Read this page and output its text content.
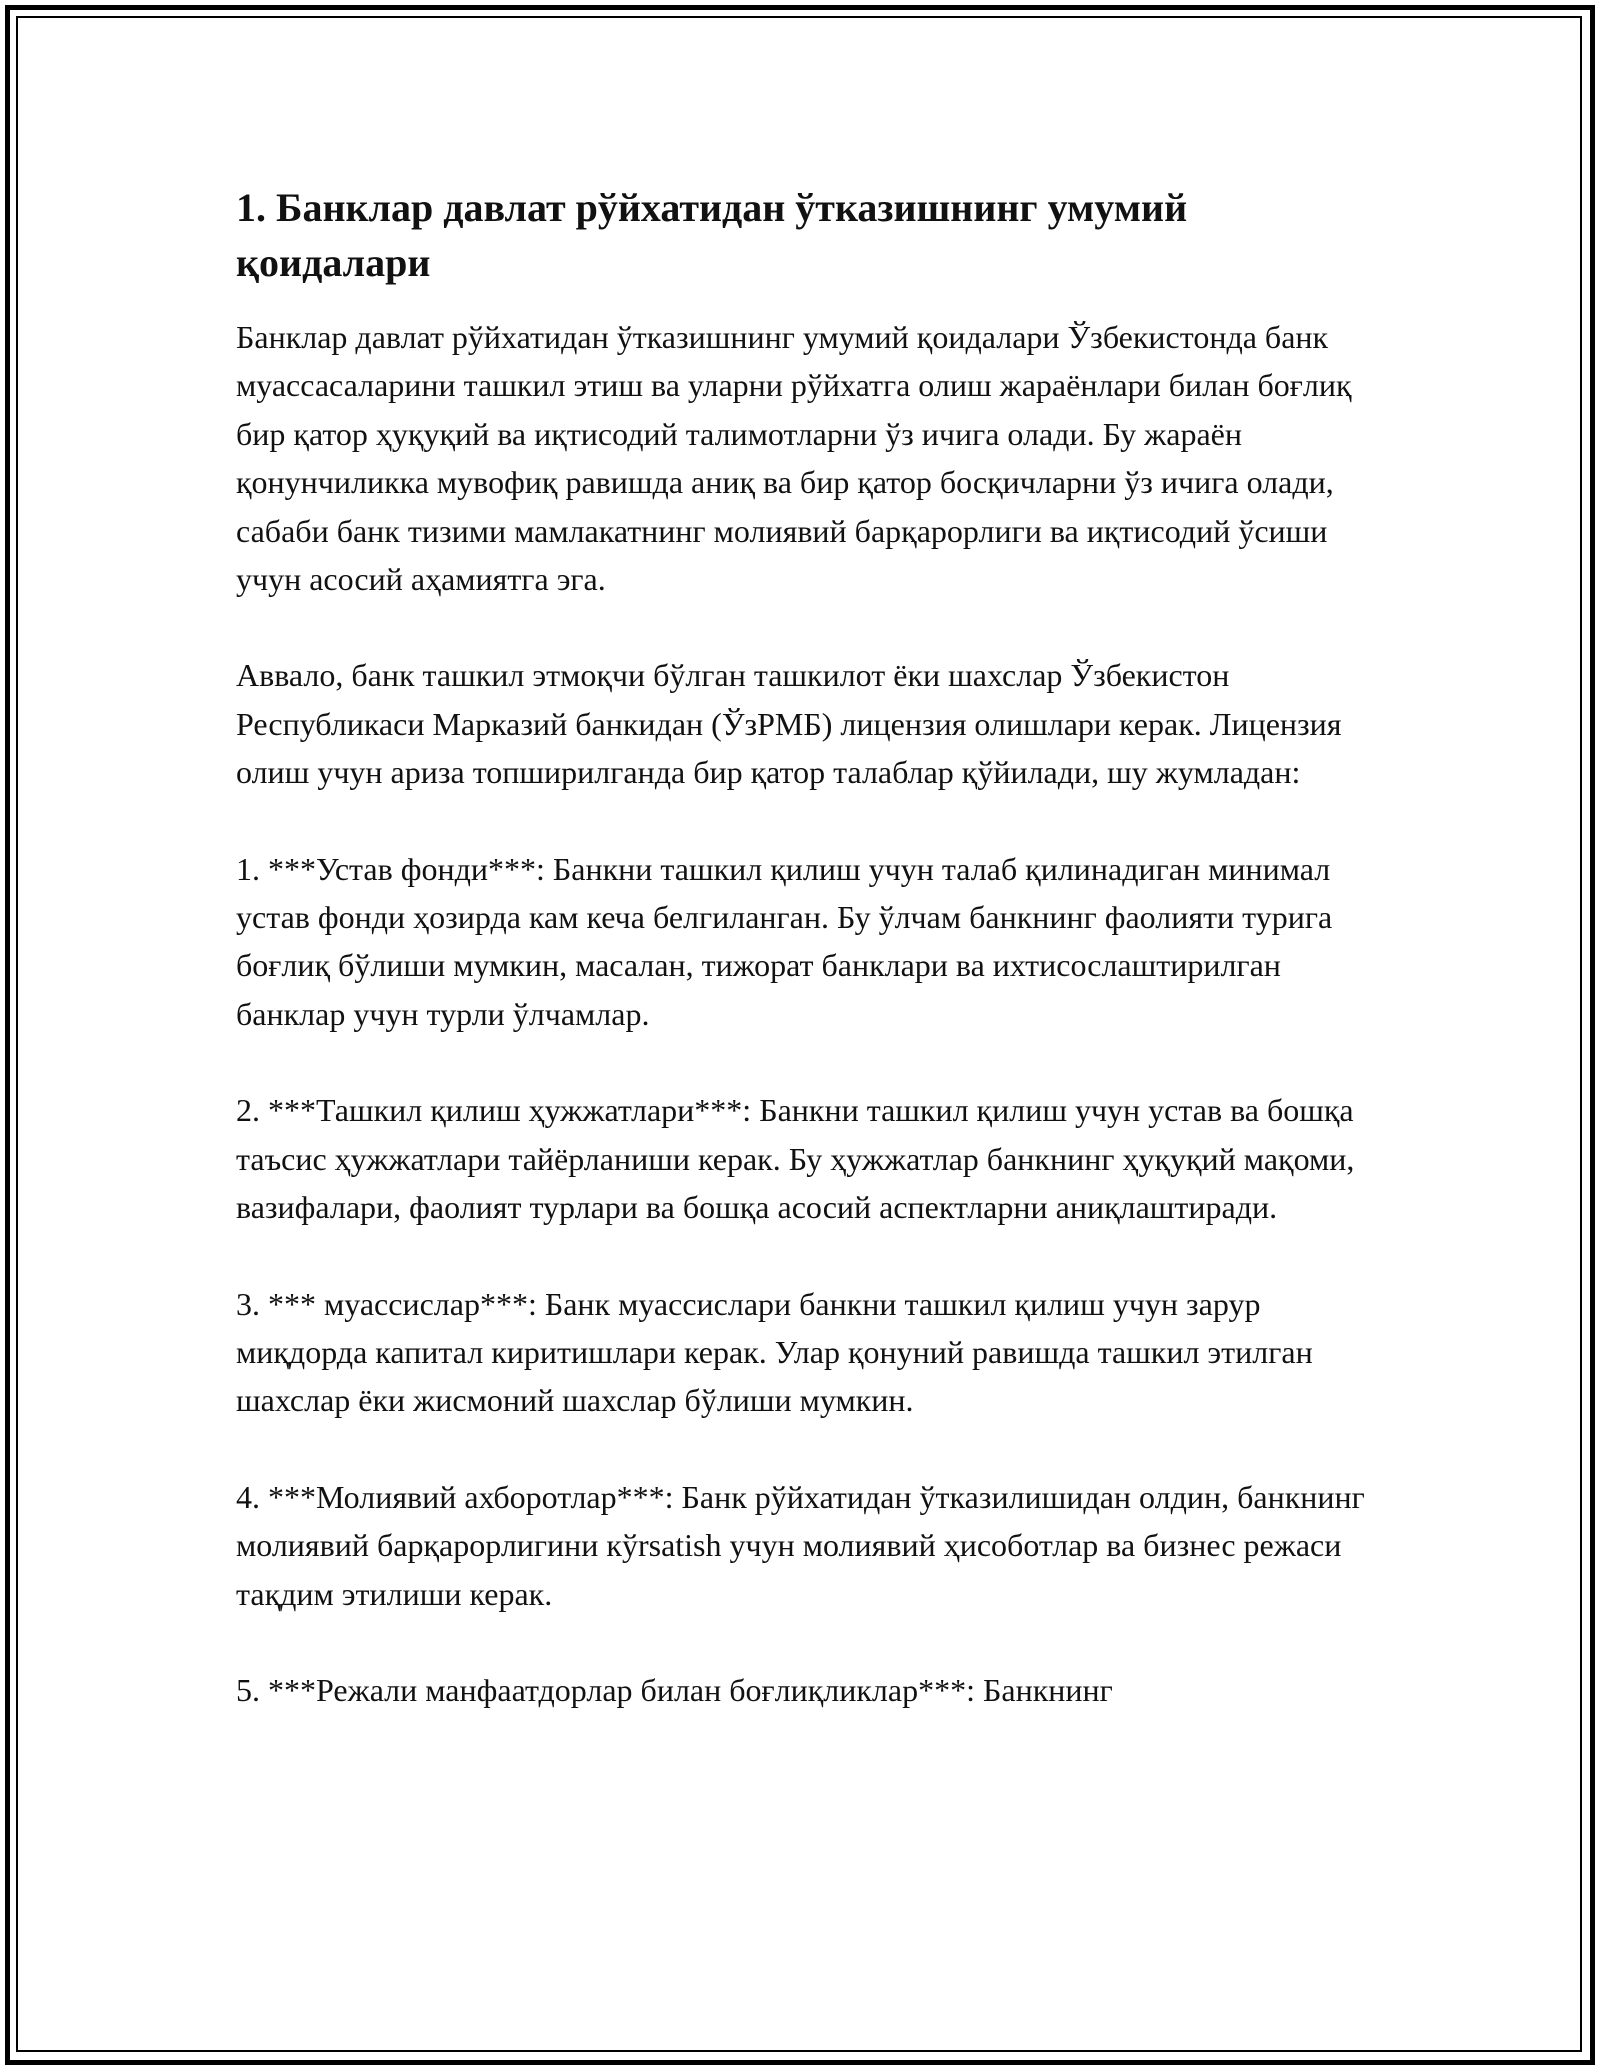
1. Банклар давлат рўйхатидан ўтказишнинг умумий қоидалари

Банклар давлат рўйхатидан ўтказишнинг умумий қоидалари Ўзбекистонда банк муассасаларини ташкил этиш ва уларни рўйхатга олиш жараёнлари билан боғлиқ бир қатор ҳуқуқий ва иқтисодий талимотларни ўз ичига олади. Бу жараён қонунчиликка мувофиқ равишда аниқ ва бир қатор босқичларни ўз ичига олади, сабаби банк тизими мамлакатнинг молиявий барқарорлиги ва иқтисодий ўсиши учун асосий аҳамиятга эга.

Аввало, банк ташкил этмоқчи бўлган ташкилот ёки шахслар Ўзбекистон Республикаси Марказий банкидан (ЎзРМБ) лицензия олишлари керак. Лицензия олиш учун ариза топширилганда бир қатор талаблар қўйилади, шу жумладан:

1. ***Устав фонди***: Банкни ташкил қилиш учун талаб қилинадиган минимал устав фонди ҳозирда кам кеча белгиланган. Бу ўлчам банкнинг фаолияти турига боғлиқ бўлиши мумкин, масалан, тижорат банклари ва ихтисослаштирилган банклар учун турли ўлчамлар.

2. ***Ташкил қилиш ҳужжатлари***: Банкни ташкил қилиш учун устав ва бошқа таъсис ҳужжатлари тайёрланиши керак. Бу ҳужжатлар банкнинг ҳуқуқий мақоми, вазифалари, фаолият турлари ва бошқа асосий аспектларни аниқлаштиради.

3. *** муассислар***: Банк муассислари банкни ташкил қилиш учун зарур миқдорда капитал киритишлари керак. Улар қонуний равишда ташкил этилган шахслар ёки жисмоний шахслар бўлиши мумкин.

4. ***Молиявий ахборотлар***: Банк рўйхатидан ўтказилишидан олдин, банкнинг молиявий барқарорлигини кўrsatish учун молиявий ҳисоботлар ва бизнес режаси тақдим этилиши керак.

5. ***Режали манфаатдорлар билан боғлиқликлар***: Банкнинг
